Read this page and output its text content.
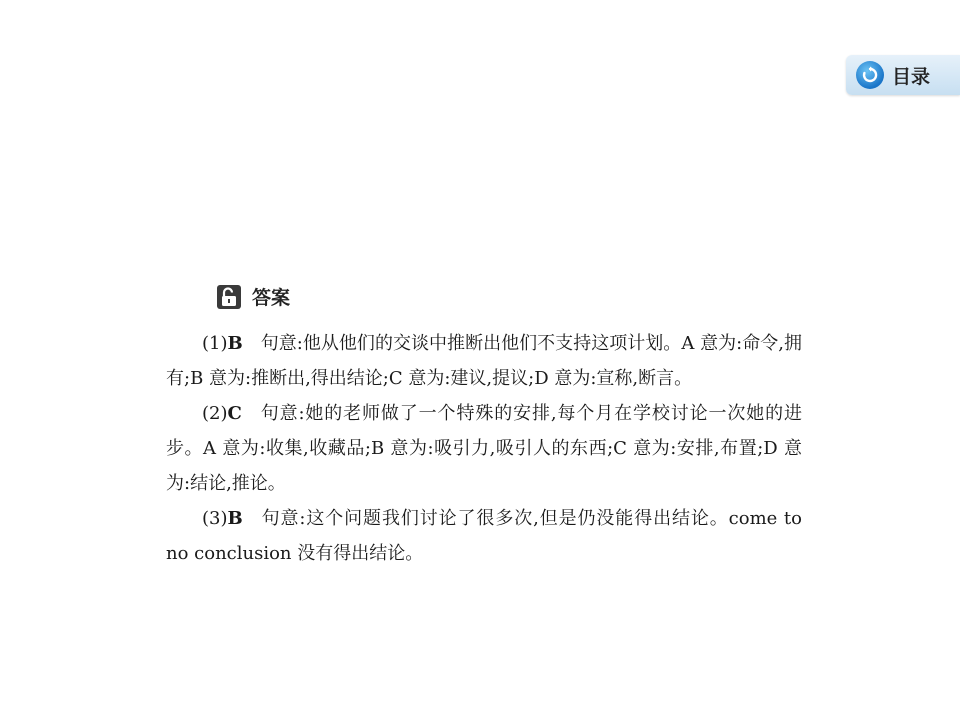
目录
答案

(1)B  句意:他从他们的交谈中推断出他们不支持这项计划。A 意为:命令,拥有;B 意为:推断出,得出结论;C 意为:建议,提议;D 意为:宣称,断言。

(2)C  句意:她的老师做了一个特殊的安排,每个月在学校讨论一次她的进步。A 意为:收集,收藏品;B 意为:吸引力,吸引人的东西;C 意为:安排,布置;D 意为:结论,推论。

(3)B  句意:这个问题我们讨论了很多次,但是仍没能得出结论。come to no conclusion 没有得出结论。
